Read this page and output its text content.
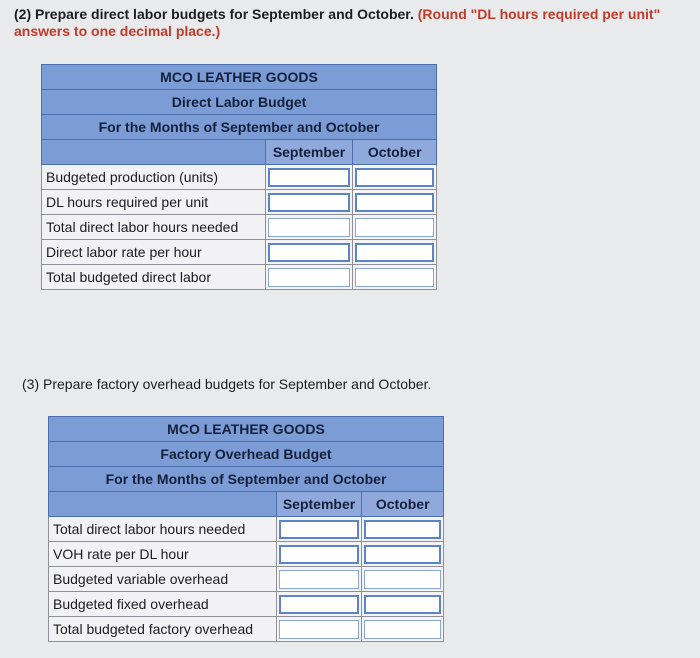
(2) Prepare direct labor budgets for September and October. (Round "DL hours required per unit" answers to one decimal place.)
MCO LEATHER GOODS		
Direct Labor Budget		
For the Months of September and October		
	September	October
Budgeted production (units)	

DL hours required per unit	

Total direct labor hours needed	

Direct labor rate per hour	

Total budgeted direct labor	

(3) Prepare factory overhead budgets for September and October.
MCO LEATHER GOODS		
Factory Overhead Budget		
For the Months of September and October		
	September	October
Total direct labor hours needed	

VOH rate per DL hour	

Budgeted variable overhead	

Budgeted fixed overhead	

Total budgeted factory overhead	
